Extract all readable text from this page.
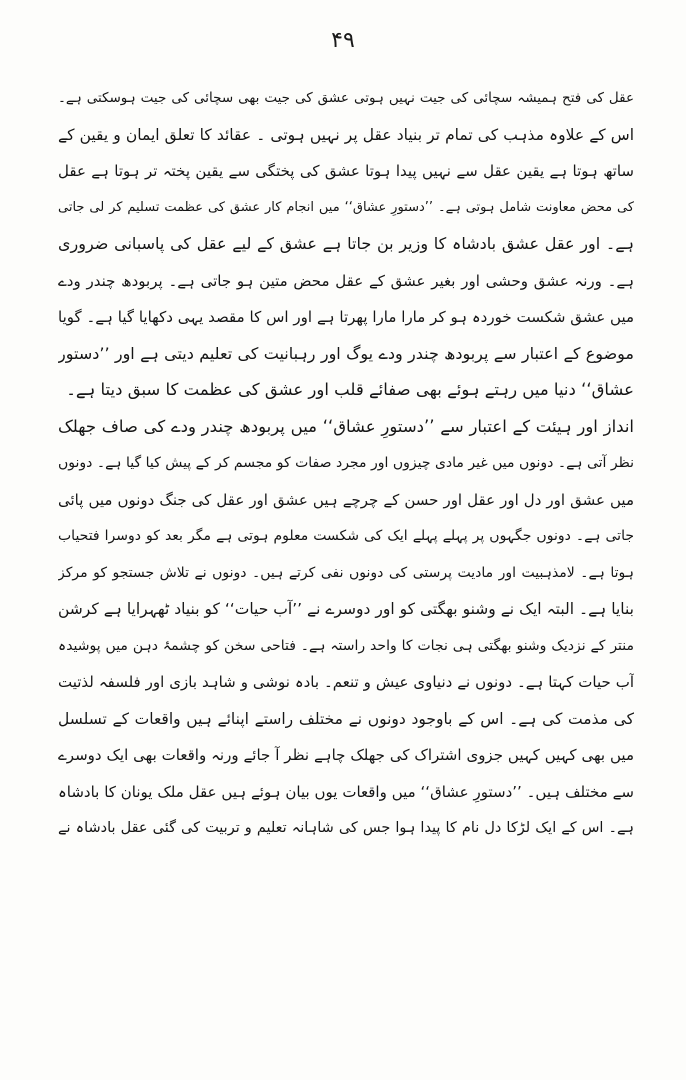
۴۹
عقل کی فتح ہمیشہ سچائی کی جیت نہیں ہوتی عشق کی جیت بھی سچائی کی جیت ہوسکتی ہے۔
اس کے علاوہ مذہب کی تمام تر بنیاد عقل پر نہیں ہوتی ۔ عقائد کا تعلق ایمان و یقین کے
ساتھ ہوتا ہے یقین عقل سے نہیں پیدا ہوتا عشق کی پختگی سے یقین پختہ تر ہوتا ہے عقل
کی محض معاونت شامل ہوتی ہے۔ ’’دستورِ عشاق‘‘ میں انجام کار عشق کی عظمت تسلیم کر لی جاتی
ہے۔ اور عقل عشق بادشاہ کا وزیر بن جاتا ہے عشق کے لیے عقل کی پاسبانی ضروری
ہے۔ ورنہ عشق وحشی اور بغیر عشق کے عقل محض متین ہو جاتی ہے۔ پربودھ چندر ودے
میں عشق شکست خوردہ ہو کر مارا مارا پھرتا ہے اور اس کا مقصد یہی دکھایا گیا ہے۔ گویا
موضوع کے اعتبار سے پربودھ چندر ودے یوگ اور رہبانیت کی تعلیم دیتی ہے اور ’’دستور
عشاق‘‘ دنیا میں رہتے ہوئے بھی صفائے قلب اور عشق کی عظمت کا سبق دیتا ہے۔
انداز اور ہیئت کے اعتبار سے ’’دستورِ عشاق‘‘ میں پربودھ چندر ودے کی صاف جھلک
نظر آتی ہے۔ دونوں میں غیر مادی چیزوں اور مجرد صفات کو مجسم کر کے پیش کیا گیا ہے۔ دونوں
میں عشق اور دل اور عقل اور حسن کے چرچے ہیں عشق اور عقل کی جنگ دونوں میں پائی
جاتی ہے۔ دونوں جگہوں پر پہلے پہلے ایک کی شکست معلوم ہوتی ہے مگر بعد کو دوسرا فتحیاب
ہوتا ہے۔ لامذہبیت اور مادیت پرستی کی دونوں نفی کرتے ہیں۔ دونوں نے تلاش جستجو کو مرکز
بنایا ہے۔ البتہ ایک نے وشنو بھگتی کو اور دوسرے نے ’’آب حیات‘‘ کو بنیاد ٹھہرایا ہے کرشن
منتر کے نزدیک وشنو بھگتی ہی نجات کا واحد راستہ ہے۔ فتاحی سخن کو چشمۂ دہن میں پوشیدہ
آب حیات کہتا ہے۔ دونوں نے دنیاوی عیش و تنعم۔ بادہ نوشی و شاہد بازی اور فلسفہ لذتیت
کی مذمت کی ہے۔ اس کے باوجود دونوں نے مختلف راستے اپنائے ہیں واقعات کے تسلسل
میں بھی کہیں کہیں جزوی اشتراک کی جھلک چاہے نظر آ جائے ورنہ واقعات بھی ایک دوسرے
سے مختلف ہیں۔ ’’دستورِ عشاق‘‘ میں واقعات یوں بیان ہوئے ہیں عقل ملک یونان کا بادشاہ
ہے۔ اس کے ایک لڑکا دل نام کا پیدا ہوا جس کی شاہانہ تعلیم و تربیت کی گئی عقل بادشاہ نے
